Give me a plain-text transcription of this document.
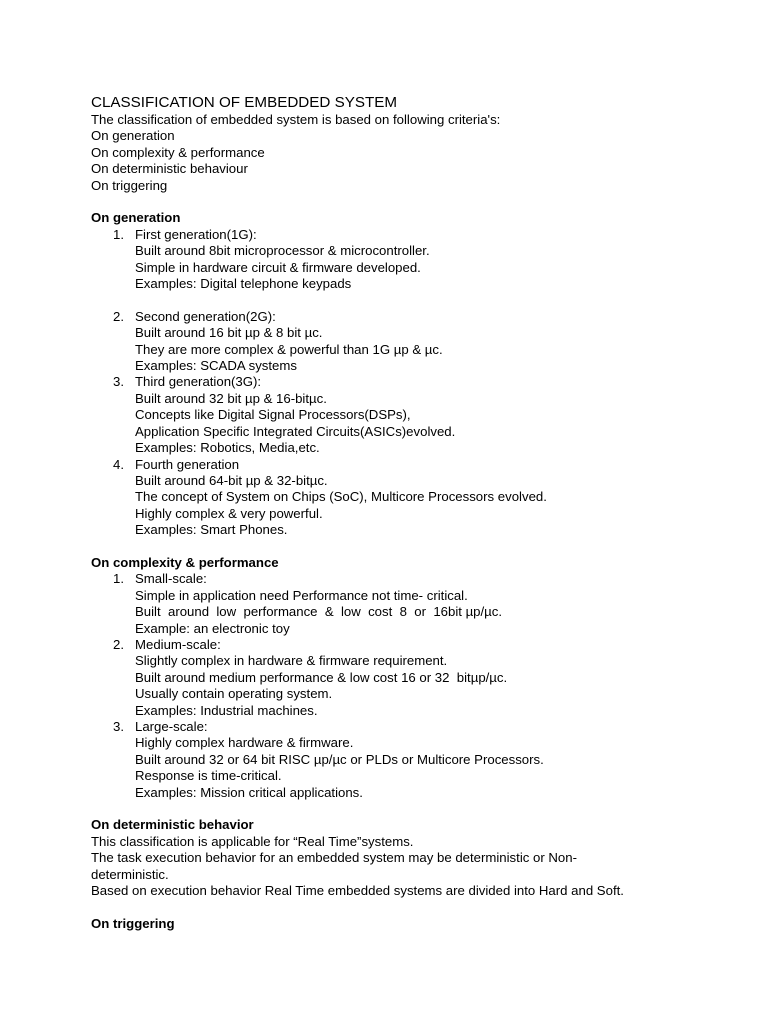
CLASSIFICATION OF EMBEDDED SYSTEM

The classification of embedded system is based on following criteria's:

On generation

On complexity & performance

On deterministic behaviour

On triggering

On generation

1. First generation(1G):

Built around 8bit microprocessor & microcontroller.

Simple in hardware circuit & firmware developed.

Examples: Digital telephone keypads

2. Second generation(2G):

Built around 16 bit µp & 8 bit µc.

They are more complex & powerful than 1G µp & µc.

Examples: SCADA systems

3. Third generation(3G):

Built around 32 bit µp & 16-bitµc.

Concepts like Digital Signal Processors(DSPs),

Application Specific Integrated Circuits(ASICs)evolved.

Examples: Robotics, Media,etc.

4. Fourth generation

Built around 64-bit µp & 32-bitµc.

The concept of System on Chips (SoC), Multicore Processors evolved.

Highly complex & very powerful.

Examples: Smart Phones.

On complexity & performance

1. Small-scale:

Simple in application need Performance not time- critical.

Built  around  low  performance  &  low  cost  8  or  16bit µp/µc.

Example: an electronic toy

2. Medium-scale:

Slightly complex in hardware & firmware requirement.

Built around medium performance & low cost 16 or 32  bitµp/µc.

Usually contain operating system.

Examples: Industrial machines.

3. Large-scale:

Highly complex hardware & firmware.

Built around 32 or 64 bit RISC µp/µc or PLDs or Multicore Processors.

Response is time-critical.

Examples: Mission critical applications.

On deterministic behavior

This classification is applicable for “Real Time”systems.

The task execution behavior for an embedded system may be deterministic or Non-deterministic.

Based on execution behavior Real Time embedded systems are divided into Hard and Soft.

On triggering
